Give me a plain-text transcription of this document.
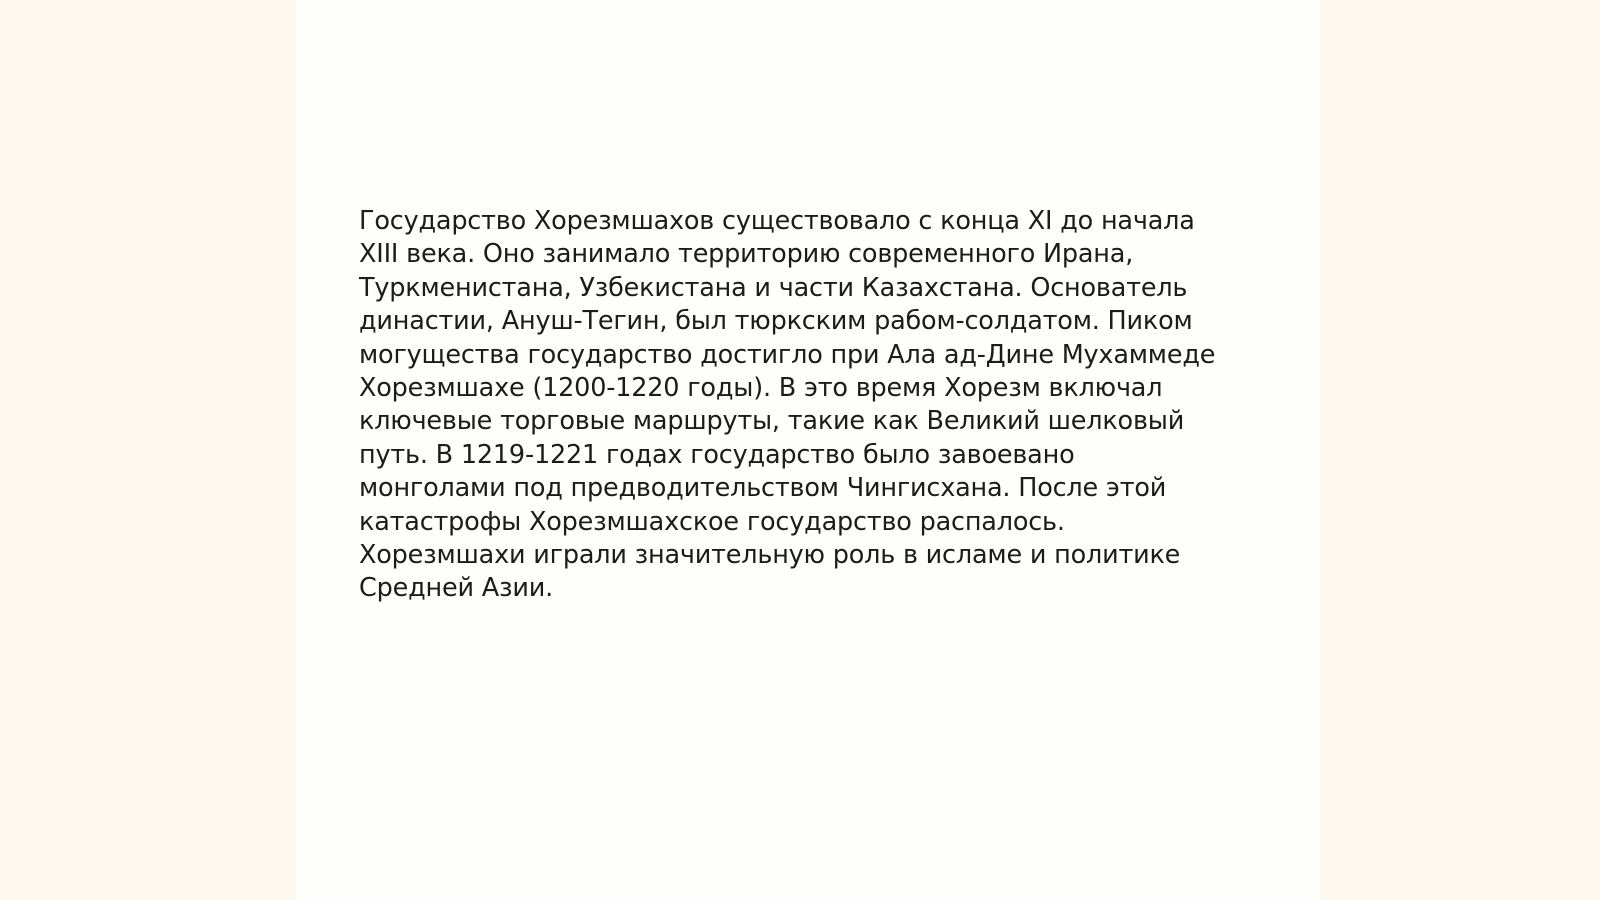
Государство Хорезмшахов существовало с конца XI до начала
XIII века. Оно занимало территорию современного Ирана,
Туркменистана, Узбекистана и части Казахстана. Основатель
династии, Ануш-Тегин, был тюркским рабом-солдатом. Пиком
могущества государство достигло при Ала ад-Дине Мухаммеде
Хорезмшахе (1200-1220 годы). В это время Хорезм включал
ключевые торговые маршруты, такие как Великий шелковый
путь. В 1219-1221 годах государство было завоевано
монголами под предводительством Чингисхана. После этой
катастрофы Хорезмшахское государство распалось.
Хорезмшахи играли значительную роль в исламе и политике
Средней Азии.
